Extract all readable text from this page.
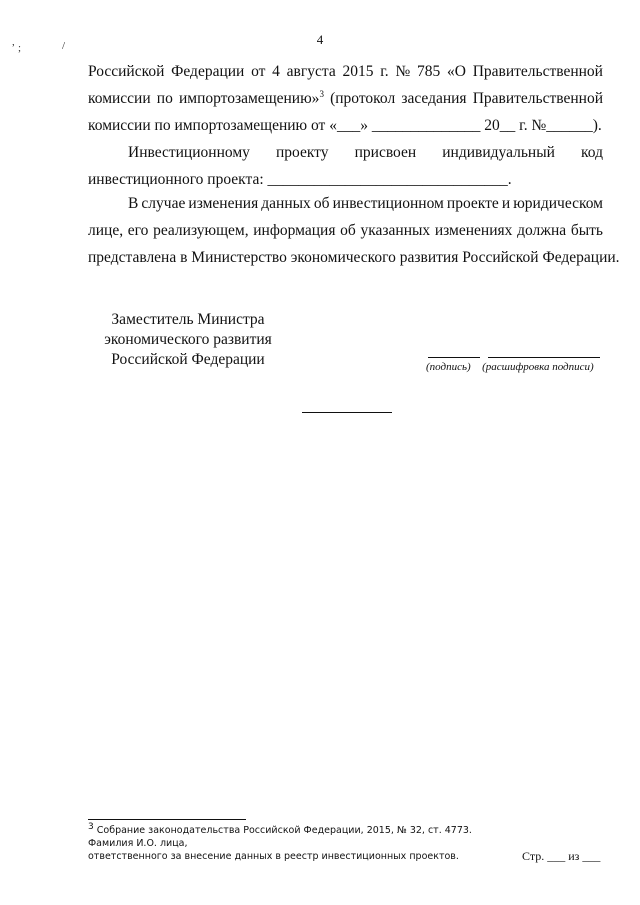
, ;	/	4
Российской Федерации от 4 августа 2015 г. № 785 «О Правительственной
комиссии по импортозамещению»$^3$ (протокол заседания Правительственной
комиссии по импортозамещению от «___» ______________ 20__ г. №______).
Инвестиционному проекту присвоен индивидуальный код
инвестиционного проекта: _______________________________.
В случае изменения данных об инвестиционном проекте и юридическом
лице, его реализующем, информация об указанных изменениях должна быть
представлена в Министерство экономического развития Российской Федерации.
Заместитель Министра
экономического развития
Российской Федерации	(подпись) (расшифровка подписи)
$^3$ Собрание законодательства Российской Федерации, 2015, № 32, ст. 4773.
Фамилия И.О. лица,
ответственного за внесение данных в реестр инвестиционных проектов.	Стр. ___ из ___
